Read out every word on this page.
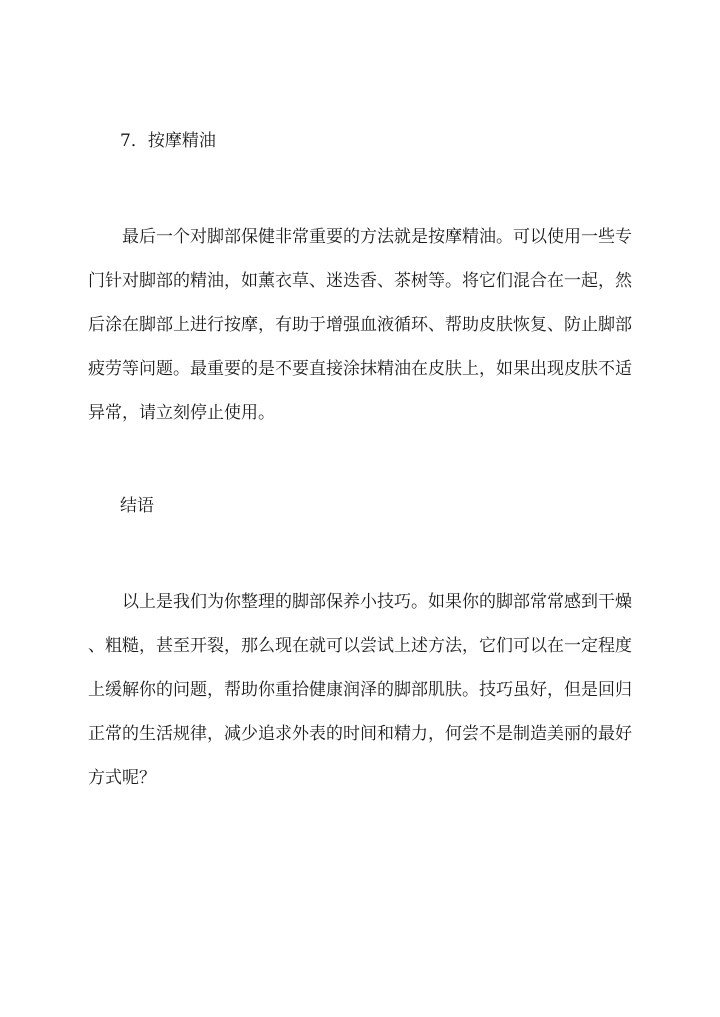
7．按摩精油

最后一个对脚部保健非常重要的方法就是按摩精油。可以使用一些专
门针对脚部的精油，如薰衣草、迷迭香、茶树等。将它们混合在一起，然
后涂在脚部上进行按摩，有助于增强血液循环、帮助皮肤恢复、防止脚部
疲劳等问题。最重要的是不要直接涂抹精油在皮肤上，如果出现皮肤不适
异常，请立刻停止使用。

结语

以上是我们为你整理的脚部保养小技巧。如果你的脚部常常感到干燥
、粗糙，甚至开裂，那么现在就可以尝试上述方法，它们可以在一定程度
上缓解你的问题，帮助你重拾健康润泽的脚部肌肤。技巧虽好，但是回归
正常的生活规律，减少追求外表的时间和精力，何尝不是制造美丽的最好
方式呢？
